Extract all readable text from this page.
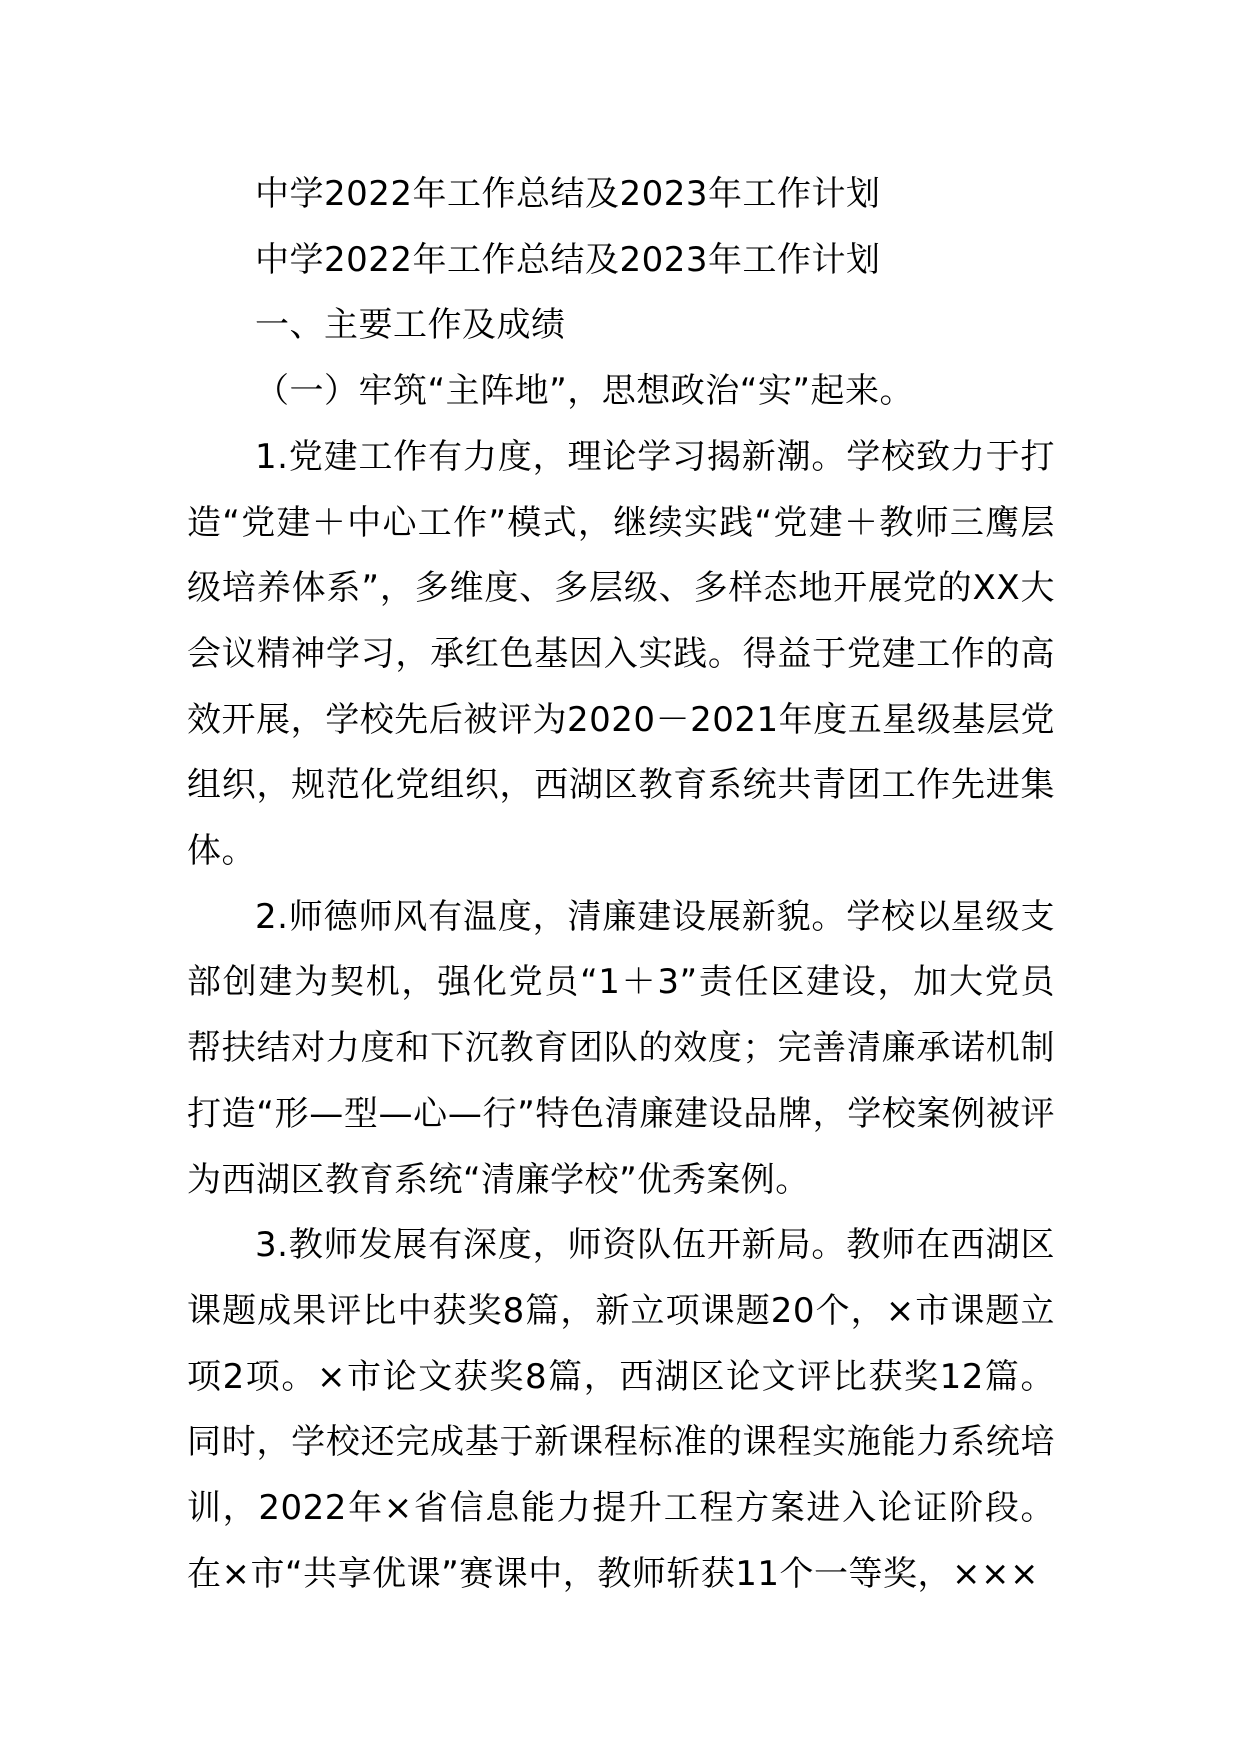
中学2022年工作总结及2023年工作计划

中学2022年工作总结及2023年工作计划

一、主要工作及成绩

（一）牢筑“主阵地”，思想政治“实”起来。

1.党建工作有力度，理论学习揭新潮。学校致力于打造“党建＋中心工作”模式，继续实践“党建＋教师三鹰层级培养体系”，多维度、多层级、多样态地开展党的XX大会议精神学习，承红色基因入实践。得益于党建工作的高效开展，学校先后被评为2020－2021年度五星级基层党组织，规范化党组织，西湖区教育系统共青团工作先进集体。

2.师德师风有温度，清廉建设展新貌。学校以星级支部创建为契机，强化党员“1＋3”责任区建设，加大党员帮扶结对力度和下沉教育团队的效度；完善清廉承诺机制打造“形—型—心—行”特色清廉建设品牌，学校案例被评为西湖区教育系统“清廉学校”优秀案例。

3.教师发展有深度，师资队伍开新局。教师在西湖区课题成果评比中获奖8篇，新立项课题20个，×市课题立项2项。×市论文获奖8篇，西湖区论文评比获奖12篇。同时，学校还完成基于新课程标准的课程实施能力系统培训，2022年×省信息能力提升工程方案进入论证阶段。在×市“共享优课”赛课中，教师斩获11个一等奖，×××
